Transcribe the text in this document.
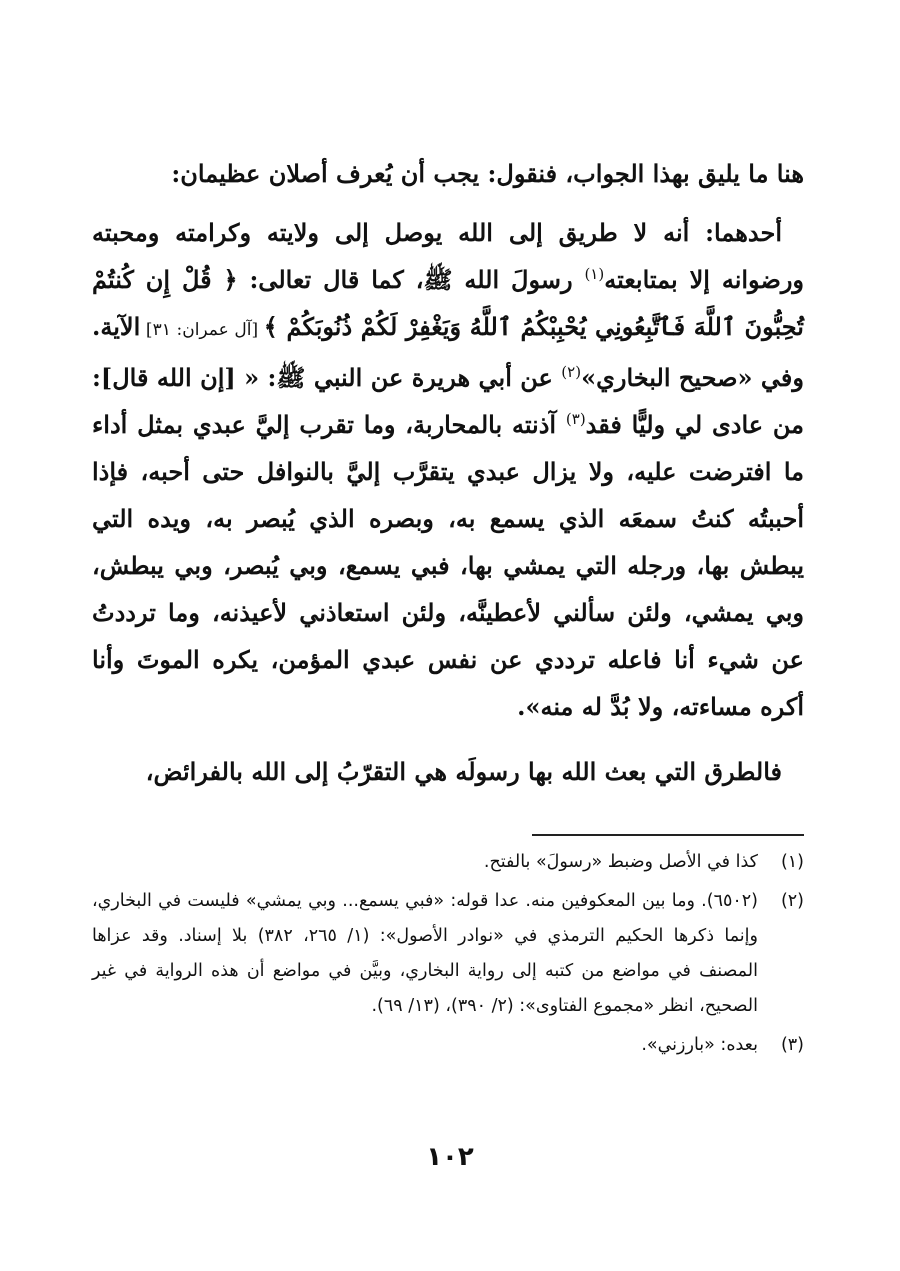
هنا ما يليق بهذا الجواب، فنقول: يجب أن يُعرف أصلان عظيمان:

أحدهما: أنه لا طريق إلى الله يوصل إلى ولايته وكرامته ومحبته ورضوانه إلا بمتابعته$^{(١)}$ رسولَ الله ﷺ، كما قال تعالى: ﴿ قُلْ إِن كُنتُمْ تُحِبُّونَ ٱللَّهَ فَٱتَّبِعُونِي يُحْبِبْكُمُ ٱللَّهُ وَيَغْفِرْ لَكُمْ ذُنُوبَكُمْ ﴾ [آل عمران: ٣١] الآية. وفي «صحيح البخاري»$^{(٢)}$ عن أبي هريرة عن النبي ﷺ: « [إن الله قال]: من عادى لي وليًّا فقد$^{(٣)}$ آذنته بالمحاربة، وما تقرب إليَّ عبدي بمثل أداء ما افترضت عليه، ولا يزال عبدي يتقرَّب إليَّ بالنوافل حتى أحبه، فإذا أحببتُه كنتُ سمعَه الذي يسمع به، وبصره الذي يُبصر به، ويده التي يبطش بها، ورجله التي يمشي بها، فبي يسمع، وبي يُبصر، وبي يبطش، وبي يمشي، ولئن سألني لأعطينَّه، ولئن استعاذني لأعيذنه، وما ترددتُ عن شيء أنا فاعله ترددي عن نفس عبدي المؤمن، يكره الموتَ وأنا أكره مساءته، ولا بُدَّ له منه».

فالطرق التي بعث الله بها رسولَه هي التقرّبُ إلى الله بالفرائض،

(١)
كذا في الأصل وضبط «رسولَ» بالفتح.
(٢)
(٦٥٠٢). وما بين المعكوفين منه. عدا قوله: «فبي يسمع... وبي يمشي» فليست في البخاري، وإنما ذكرها الحكيم الترمذي في «نوادر الأصول»: (١/ ٢٦٥، ٣٨٢) بلا إسناد. وقد عزاها المصنف في مواضع من كتبه إلى رواية البخاري، وبيَّن في مواضع أن هذه الرواية في غير الصحيح، انظر «مجموع الفتاوى»: (٢/ ٣٩٠)، (١٣/ ٦٩).
(٣)
بعده: «بارزني».
١٠٢
